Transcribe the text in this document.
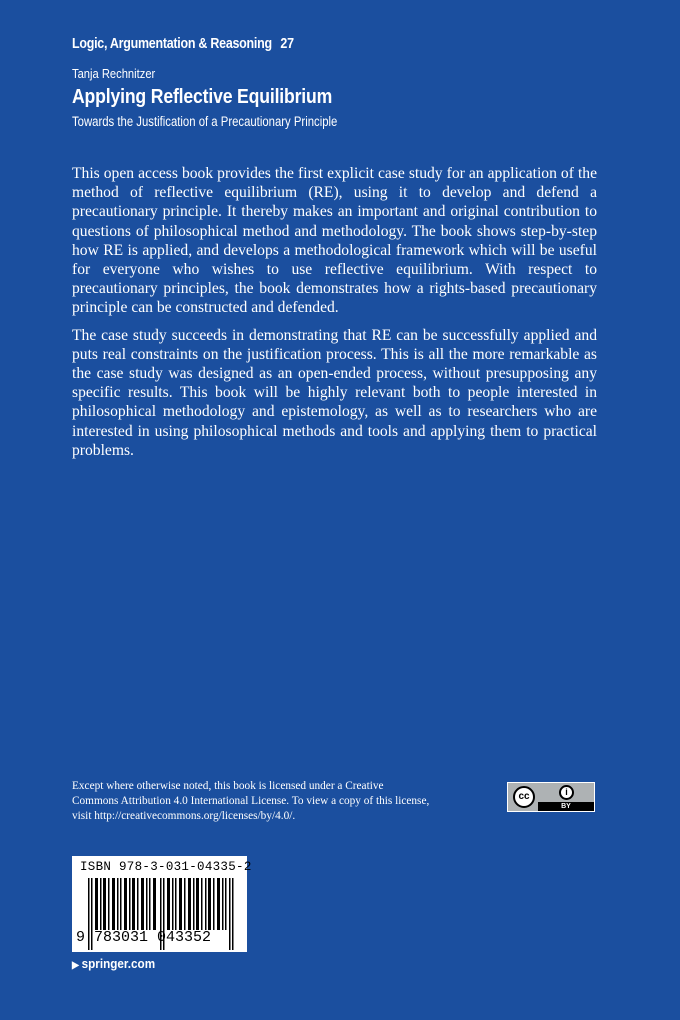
Logic, Argumentation & Reasoning 27
Tanja Rechnitzer
Applying Reflective Equilibrium
Towards the Justification of a Precautionary Principle

This open access book provides the first explicit case study for an application of the method of reflective equilibrium (RE), using it to develop and defend a precautionary principle. It thereby makes an important and original contribution to questions of philosophical method and methodology. The book shows step-by-step how RE is applied, and develops a methodological framework which will be useful for everyone who wishes to use reflective equilibrium. With respect to precautionary principles, the book demonstrates how a rights-based precautionary principle can be constructed and defended.

The case study succeeds in demonstrating that RE can be successfully applied and puts real constraints on the justification process. This is all the more remarkable as the case study was designed as an open-ended process, without presupposing any specific results. This book will be highly relevant both to people interested in philosophical methodology and epistemology, as well as to researchers who are interested in using philosophical methods and tools and applying them to practical problems.

Except where otherwise noted, this book is licensed under a Creative Commons Attribution 4.0 International License. To view a copy of this license, visit http://creativecommons.org/licenses/by/4.0/.
cc	i
BY
ISBN 978-3-031-04335-2
9 783031 043352
▶ springer.com
